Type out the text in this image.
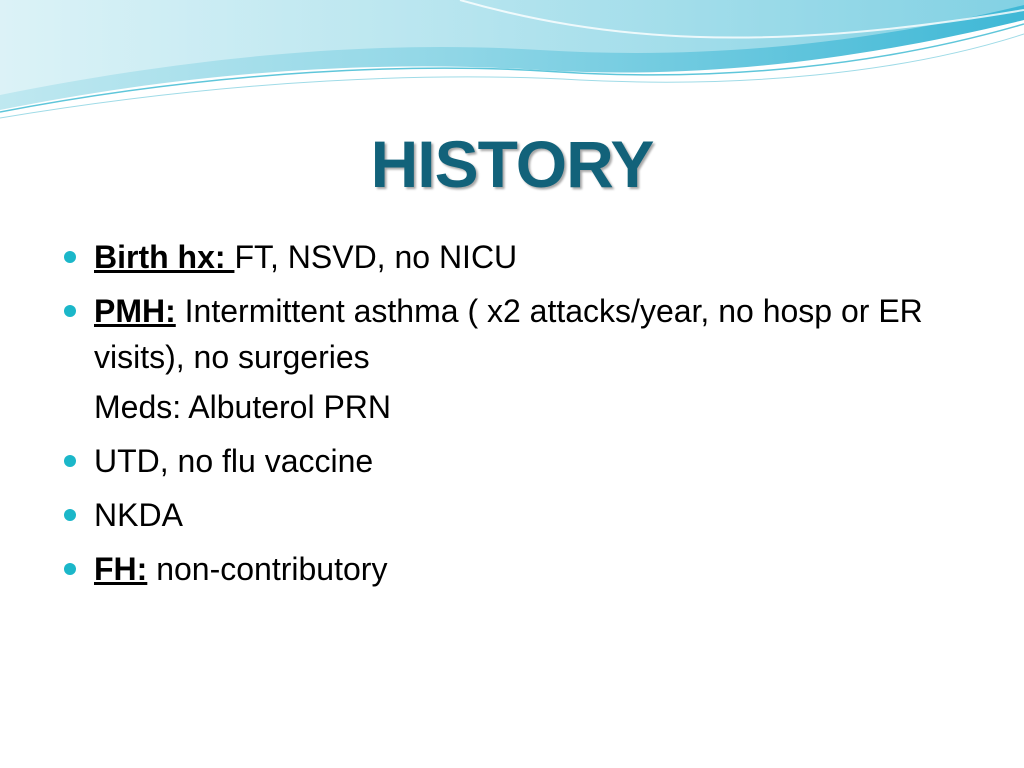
HISTORY
Birth hx: FT, NSVD, no NICU
PMH: Intermittent asthma ( x2 attacks/year, no hosp or ER visits), no surgeries
Meds: Albuterol PRN
UTD, no flu vaccine
NKDA
FH: non-contributory
